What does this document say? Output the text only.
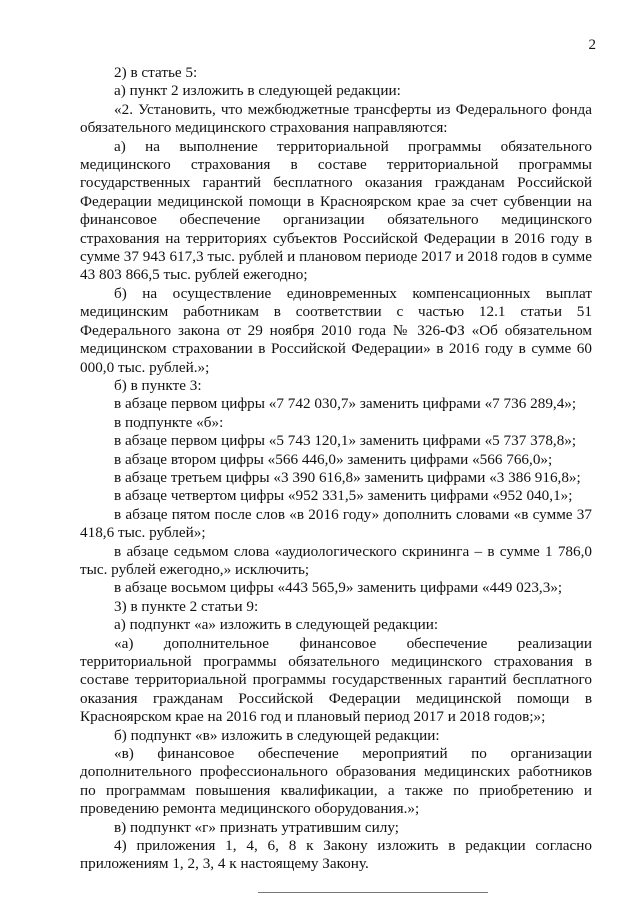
2

2) в статье 5:

а) пункт 2 изложить в следующей редакции:

«2. Установить, что межбюджетные трансферты из Федерального фонда обязательного медицинского страхования направляются:

а) на выполнение территориальной программы обязательного медицинского страхования в составе территориальной программы государственных гарантий бесплатного оказания гражданам Российской Федерации медицинской помощи в Красноярском крае за счет субвенции на финансовое обеспечение организации обязательного медицинского страхования на территориях субъектов Российской Федерации в 2016 году в сумме 37 943 617,3 тыс. рублей и плановом периоде 2017 и 2018 годов в сумме 43 803 866,5 тыс. рублей ежегодно;

б) на осуществление единовременных компенсационных выплат медицинским работникам в соответствии с частью 12.1 статьи 51 Федерального закона от 29 ноября 2010 года № 326-ФЗ «Об обязательном медицинском страховании в Российской Федерации» в 2016 году в сумме 60 000,0 тыс. рублей.»;

б) в пункте 3:

в абзаце первом цифры «7 742 030,7» заменить цифрами «7 736 289,4»;

в подпункте «б»:

в абзаце первом цифры «5 743 120,1» заменить цифрами «5 737 378,8»;

в абзаце втором цифры «566 446,0» заменить цифрами «566 766,0»;

в абзаце третьем цифры «3 390 616,8» заменить цифрами «3 386 916,8»;

в абзаце четвертом цифры «952 331,5» заменить цифрами «952 040,1»;

в абзаце пятом после слов «в 2016 году» дополнить словами «в сумме 37 418,6 тыс. рублей»;

в абзаце седьмом слова «аудиологического скрининга – в сумме 1 786,0 тыс. рублей ежегодно,» исключить;

в абзаце восьмом цифры «443 565,9» заменить цифрами «449 023,3»;

3) в пункте 2 статьи 9:

а) подпункт «а» изложить в следующей редакции:

«а) дополнительное финансовое обеспечение реализации территориальной программы обязательного медицинского страхования в составе территориальной программы государственных гарантий бесплатного оказания гражданам Российской Федерации медицинской помощи в Красноярском крае на 2016 год и плановый период 2017 и 2018 годов;»;

б) подпункт «в» изложить в следующей редакции:

«в) финансовое обеспечение мероприятий по организации дополнительного профессионального образования медицинских работников по программам повышения квалификации, а также по приобретению и проведению ремонта медицинского оборудования.»;

в) подпункт «г» признать утратившим силу;

4) приложения 1, 4, 6, 8 к Закону изложить в редакции согласно приложениям 1, 2, 3, 4 к настоящему Закону.
